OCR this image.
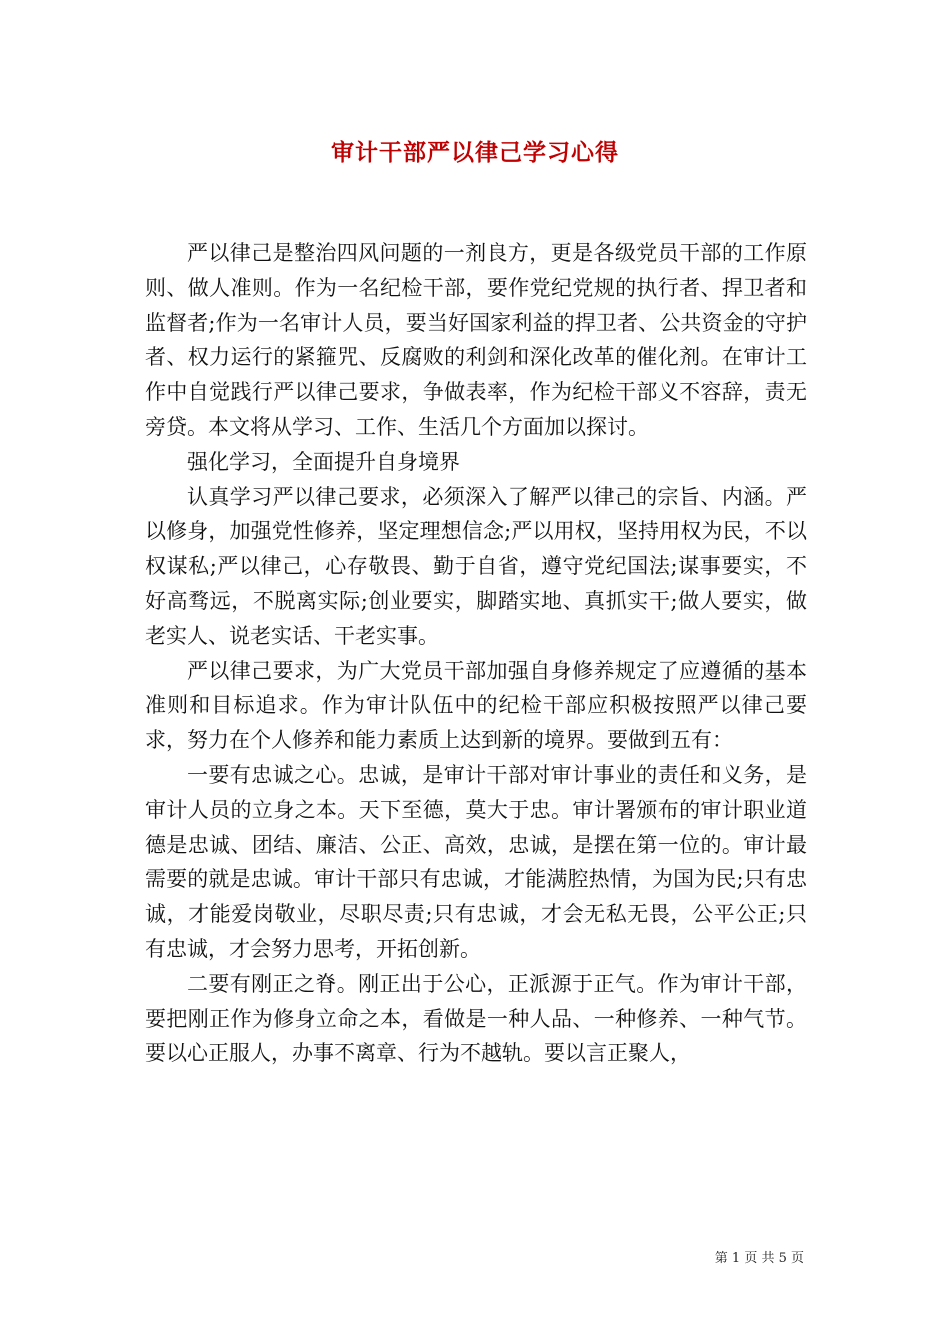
审计干部严以律己学习心得

严以律己是整治四风问题的一剂良方，更是各级党员干部的工作原则、做人准则。作为一名纪检干部，要作党纪党规的执行者、捍卫者和监督者;作为一名审计人员，要当好国家利益的捍卫者、公共资金的守护者、权力运行的紧箍咒、反腐败的利剑和深化改革的催化剂。在审计工作中自觉践行严以律己要求，争做表率，作为纪检干部义不容辞，责无旁贷。本文将从学习、工作、生活几个方面加以探讨。

强化学习，全面提升自身境界

认真学习严以律己要求，必须深入了解严以律己的宗旨、内涵。严以修身，加强党性修养，坚定理想信念;严以用权，坚持用权为民，不以权谋私;严以律己，心存敬畏、勤于自省，遵守党纪国法;谋事要实，不好高骛远，不脱离实际;创业要实，脚踏实地、真抓实干;做人要实，做老实人、说老实话、干老实事。

严以律己要求，为广大党员干部加强自身修养规定了应遵循的基本准则和目标追求。作为审计队伍中的纪检干部应积极按照严以律己要求，努力在个人修养和能力素质上达到新的境界。要做到五有：

一要有忠诚之心。忠诚，是审计干部对审计事业的责任和义务，是审计人员的立身之本。天下至德，莫大于忠。审计署颁布的审计职业道德是忠诚、团结、廉洁、公正、高效，忠诚，是摆在第一位的。审计最需要的就是忠诚。审计干部只有忠诚，才能满腔热情，为国为民;只有忠诚，才能爱岗敬业，尽职尽责;只有忠诚，才会无私无畏，公平公正;只有忠诚，才会努力思考，开拓创新。

二要有刚正之脊。刚正出于公心，正派源于正气。作为审计干部，要把刚正作为修身立命之本，看做是一种人品、一种修养、一种气节。要以心正服人，办事不离章、行为不越轨。要以言正聚人，

第 1 页 共 5 页
